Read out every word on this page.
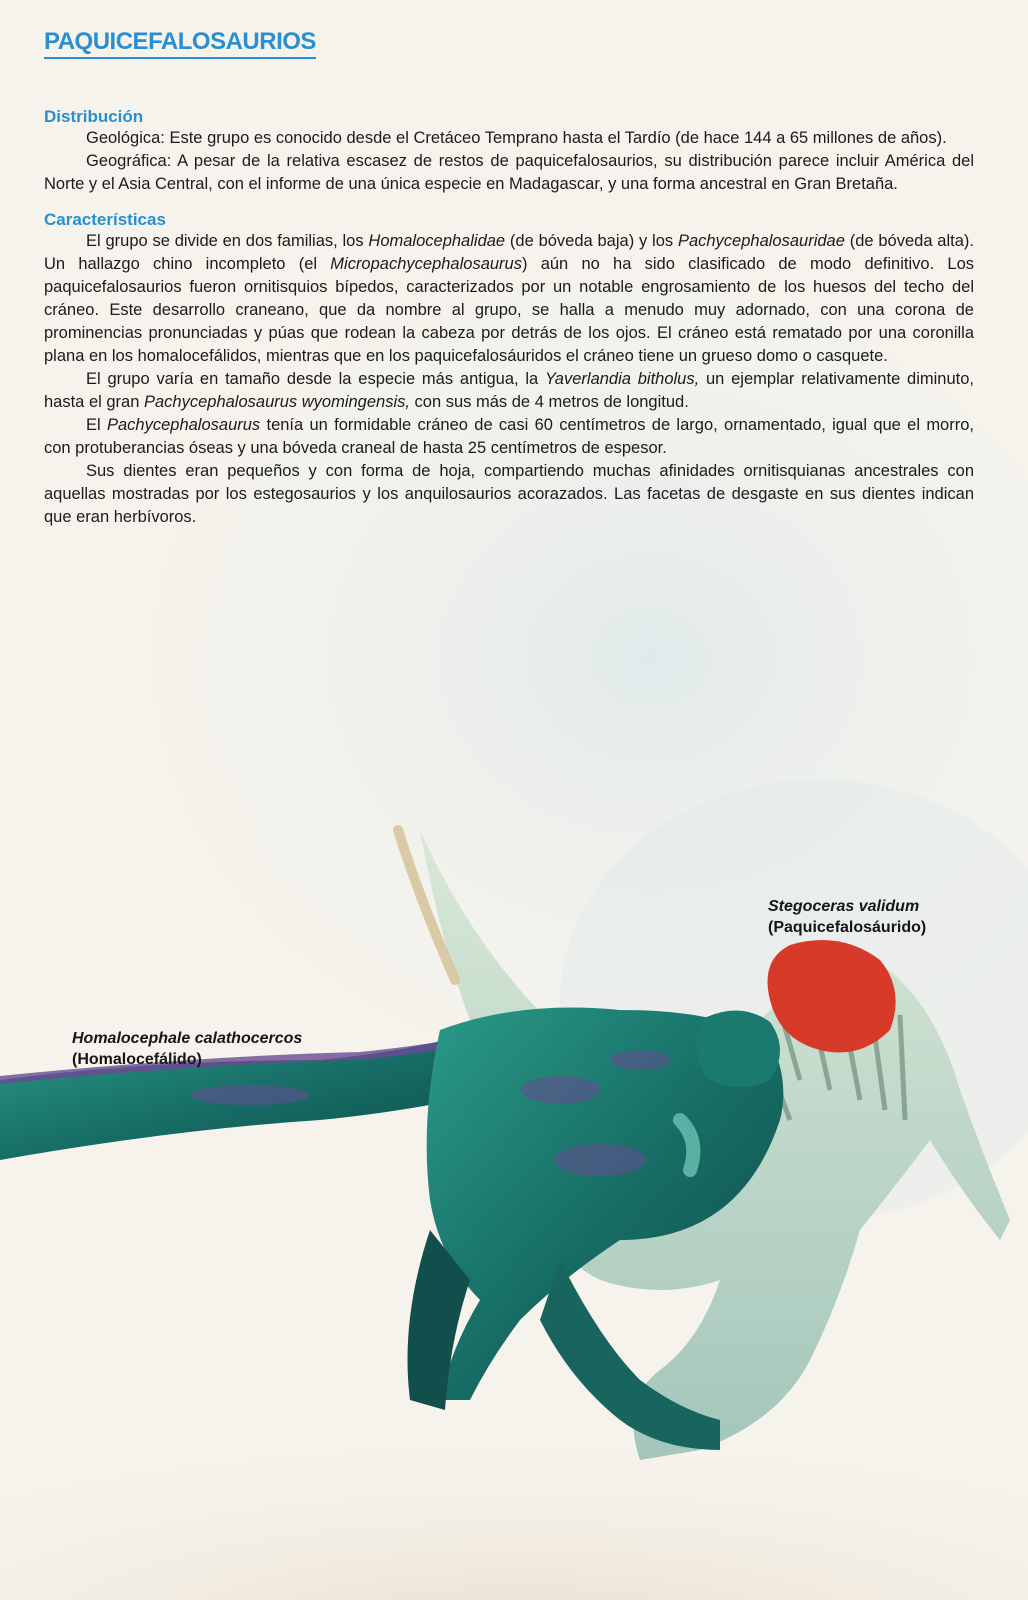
PAQUICEFALOSAURIOS
Distribución

Geológica: Este grupo es conocido desde el Cretáceo Temprano hasta el Tardío (de hace 144 a 65 millones de años).

Geográfica: A pesar de la relativa escasez de restos de paquicefalosaurios, su distribución parece incluir América del Norte y el Asia Central, con el informe de una única especie en Madagascar, y una forma ancestral en Gran Bretaña.

Características

El grupo se divide en dos familias, los Homalocephalidae (de bóveda baja) y los Pachycephalosauridae (de bóveda alta). Un hallazgo chino incompleto (el Micropachycephalosaurus) aún no ha sido clasificado de modo definitivo. Los paquicefalosaurios fueron ornitisquios bípedos, caracterizados por un notable engrosamiento de los huesos del techo del cráneo. Este desarrollo craneano, que da nombre al grupo, se halla a menudo muy adornado, con una corona de prominencias pronunciadas y púas que rodean la cabeza por detrás de los ojos. El cráneo está rematado por una coronilla plana en los homalocefálidos, mientras que en los paquicefalosáuridos el cráneo tiene un grueso domo o casquete.

El grupo varía en tamaño desde la especie más antigua, la Yaverlandia bitholus, un ejemplar relativamente diminuto, hasta el gran Pachycephalosaurus wyomingensis, con sus más de 4 metros de longitud.

El Pachycephalosaurus tenía un formidable cráneo de casi 60 centímetros de largo, ornamentado, igual que el morro, con protuberancias óseas y una bóveda craneal de hasta 25 centímetros de espesor.

Sus dientes eran pequeños y con forma de hoja, compartiendo muchas afinidades ornitisquianas ancestrales con aquellas mostradas por los estegosaurios y los anquilosaurios acorazados. Las facetas de desgaste en sus dientes indican que eran herbívoros.

Stegoceras validum
(Paquicefalosáurido)
Homalocephale calathocercos
(Homalocefálido)
